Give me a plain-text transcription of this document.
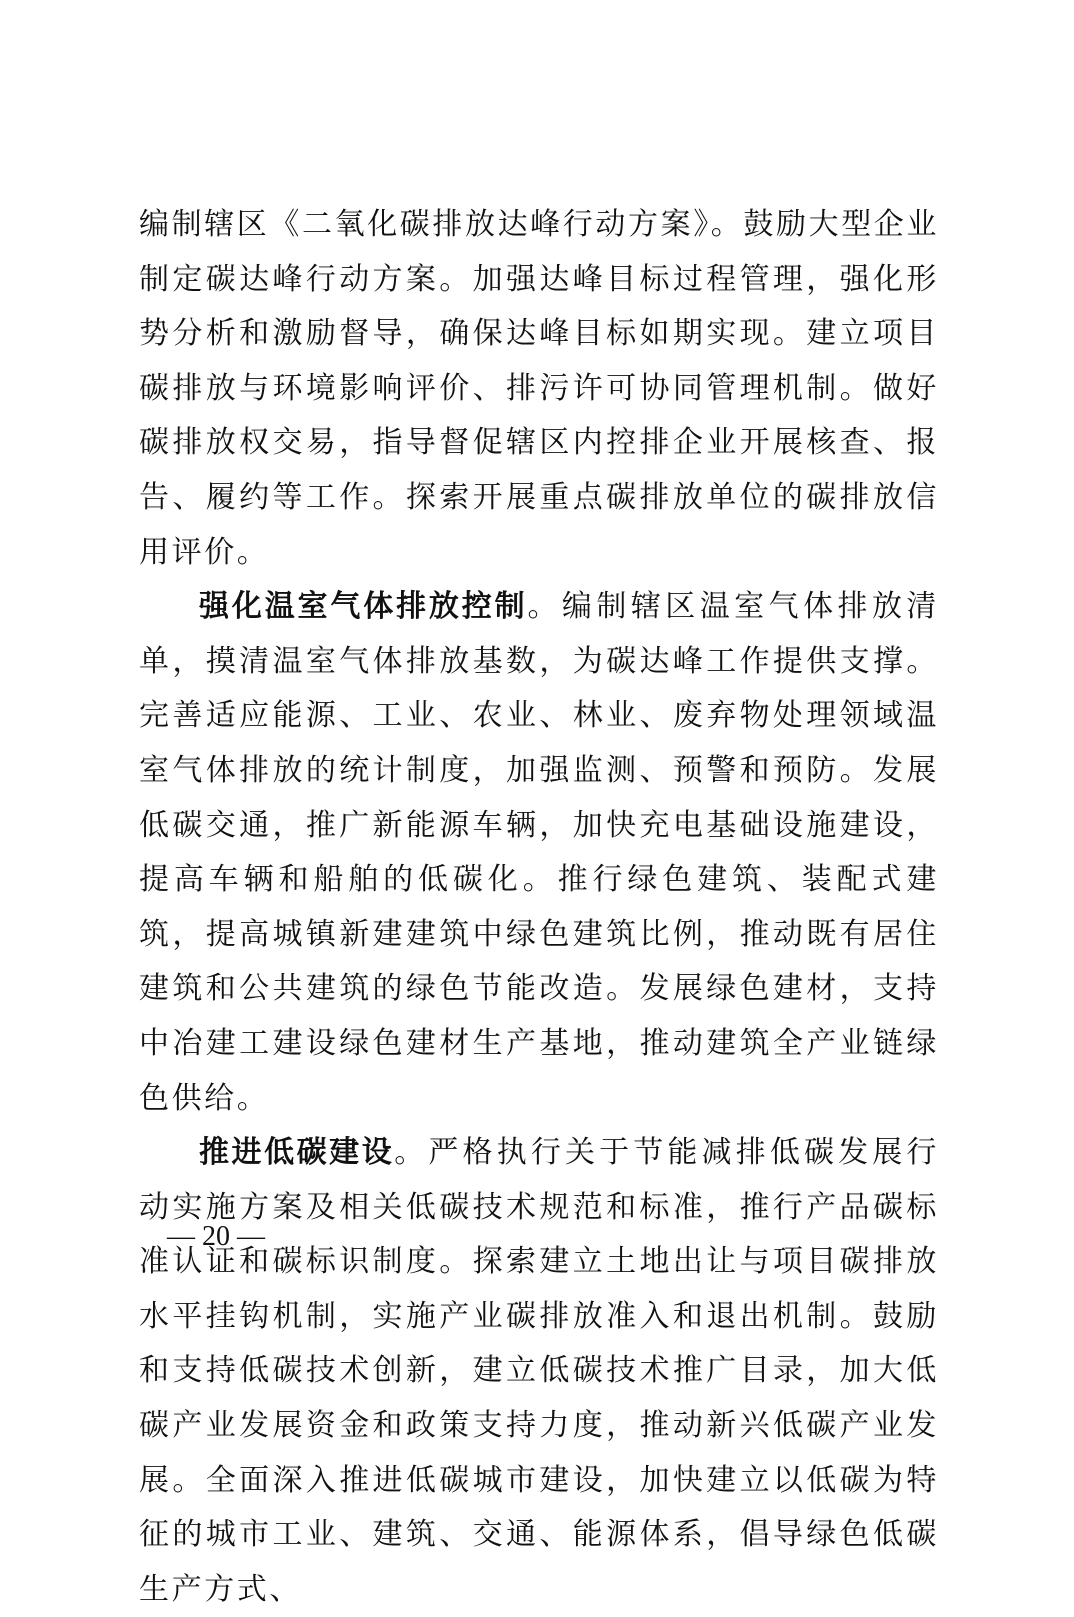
编制辖区《二氧化碳排放达峰行动方案》。鼓励大型企业制定碳达峰行动方案。加强达峰目标过程管理，强化形势分析和激励督导，确保达峰目标如期实现。建立项目碳排放与环境影响评价、排污许可协同管理机制。做好碳排放权交易，指导督促辖区内控排企业开展核查、报告、履约等工作。探索开展重点碳排放单位的碳排放信用评价。

强化温室气体排放控制。编制辖区温室气体排放清单，摸清温室气体排放基数，为碳达峰工作提供支撑。完善适应能源、工业、农业、林业、废弃物处理领域温室气体排放的统计制度，加强监测、预警和预防。发展低碳交通，推广新能源车辆，加快充电基础设施建设，提高车辆和船舶的低碳化。推行绿色建筑、装配式建筑，提高城镇新建建筑中绿色建筑比例，推动既有居住建筑和公共建筑的绿色节能改造。发展绿色建材，支持中冶建工建设绿色建材生产基地，推动建筑全产业链绿色供给。

推进低碳建设。严格执行关于节能减排低碳发展行动实施方案及相关低碳技术规范和标准，推行产品碳标准认证和碳标识制度。探索建立土地出让与项目碳排放水平挂钩机制，实施产业碳排放准入和退出机制。鼓励和支持低碳技术创新，建立低碳技术推广目录，加大低碳产业发展资金和政策支持力度，推动新兴低碳产业发展。全面深入推进低碳城市建设，加快建立以低碳为特征的城市工业、建筑、交通、能源体系，倡导绿色低碳生产方式、

— 20 —
